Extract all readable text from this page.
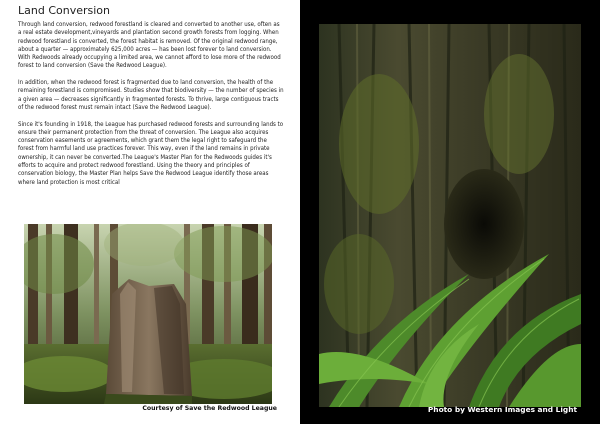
Land Conversion

Through land conversion, redwood forestland is cleared and converted to another use, often as a real estate development,vineyards and plantation second growth forests from logging. When redwood forestland is converted, the forest habitat is removed. Of the original redwood range, about a quarter — approximately 625,000 acres — has been lost forever to land conversion. With Redwoods already occupying a limited area, we cannot afford to lose more of the redwood forest to land conversion (Save the Redwood League).

In addition, when the redwood forest is fragmented due to land conversion, the health of the remaining forestland is compromised. Studies show that biodiversity — the number of species in a given area — decreases significantly in fragmented forests. To thrive, large contiguous tracts of the redwood forest must remain intact (Save the Redwood League).

Since it's founding in 1918, the League has purchased redwood forests and surrounding lands to ensure their permanent protection from the threat of conversion. The League also acquires conservation easements or agreements, which grant them the legal right to safeguard the forest from harmful land use practices forever. This way, even if the land remains in private ownership, it can never be converted.The League's Master Plan for the Redwoods guides it's efforts to acquire and protect redwood forestland. Using the theory and principles of conservation biology, the Master Plan helps Save the Redwood League identify those areas where land protection is most critical

Courtesy of Save the Redwood League	Photo by Western Images and Light
